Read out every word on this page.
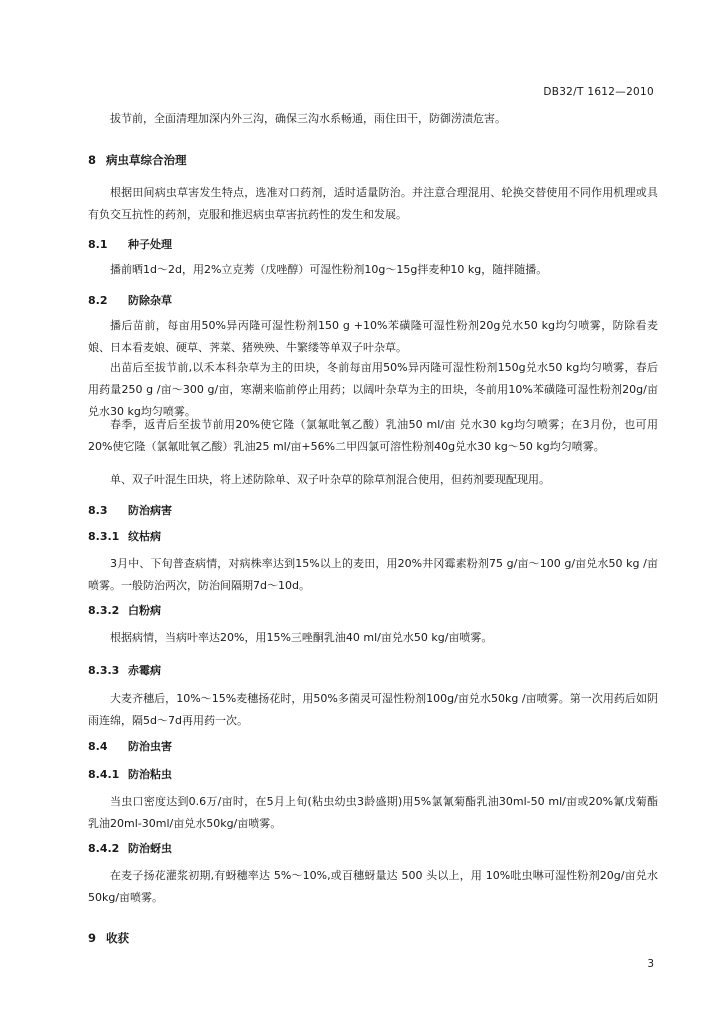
DB32/T 1612—2010

拔节前，全面清理加深内外三沟，确保三沟水系畅通，雨住田干，防御涝渍危害。

8 病虫草综合治理

根据田间病虫草害发生特点，选准对口药剂，适时适量防治。并注意合理混用、轮换交替使用不同作用机理或具有负交互抗性的药剂，克服和推迟病虫草害抗药性的发生和发展。

8.1 种子处理

播前晒1d～2d，用2%立克莠（戊唑醇）可湿性粉剂10g～15g拌麦种10 kg，随拌随播。

8.2 防除杂草

播后苗前，每亩用50%异丙隆可湿性粉剂150 g +10%苯磺隆可湿性粉剂20g兑水50 kg均匀喷雾，防除看麦娘、日本看麦娘、硬草、荠菜、猪殃殃、牛繁缕等单双子叶杂草。

出苗后至拔节前,以禾本科杂草为主的田块，冬前每亩用50%异丙隆可湿性粉剂150g兑水50 kg均匀喷雾，春后用药量250 g /亩～300 g/亩，寒潮来临前停止用药；以阔叶杂草为主的田块，冬前用10%苯磺隆可湿性粉剂20g/亩兑水30 kg均匀喷雾。

春季，返青后至拔节前用20%使它隆（氯氟吡氧乙酸）乳油50 ml/亩 兑水30 kg均匀喷雾；在3月份，也可用20%使它隆（氯氟吡氧乙酸）乳油25 ml/亩+56%二甲四氯可溶性粉剂40g兑水30 kg～50 kg均匀喷雾。

单、双子叶混生田块，将上述防除单、双子叶杂草的除草剂混合使用，但药剂要现配现用。

8.3 防治病害
8.3.1 纹枯病

3月中、下旬普查病情，对病株率达到15%以上的麦田，用20%井冈霉素粉剂75 g/亩～100 g/亩兑水50 kg /亩喷雾。一般防治两次，防治间隔期7d～10d。

8.3.2 白粉病

根据病情，当病叶率达20%，用15%三唑酮乳油40 ml/亩兑水50 kg/亩喷雾。

8.3.3 赤霉病

大麦齐穗后，10%～15%麦穗扬花时，用50%多菌灵可湿性粉剂100g/亩兑水50kg /亩喷雾。第一次用药后如阴雨连绵，隔5d～7d再用药一次。

8.4 防治虫害
8.4.1 防治粘虫

当虫口密度达到0.6万/亩时，在5月上旬(粘虫幼虫3龄盛期)用5%氯氰菊酯乳油30ml-50 ml/亩或20%氰戊菊酯乳油20ml-30ml/亩兑水50kg/亩喷雾。

8.4.2 防治蚜虫

在麦子扬花灌浆初期,有蚜穗率达 5%～10%,或百穗蚜量达 500 头以上，用 10%吡虫啉可湿性粉剂20g/亩兑水50kg/亩喷雾。

9 收获
3
